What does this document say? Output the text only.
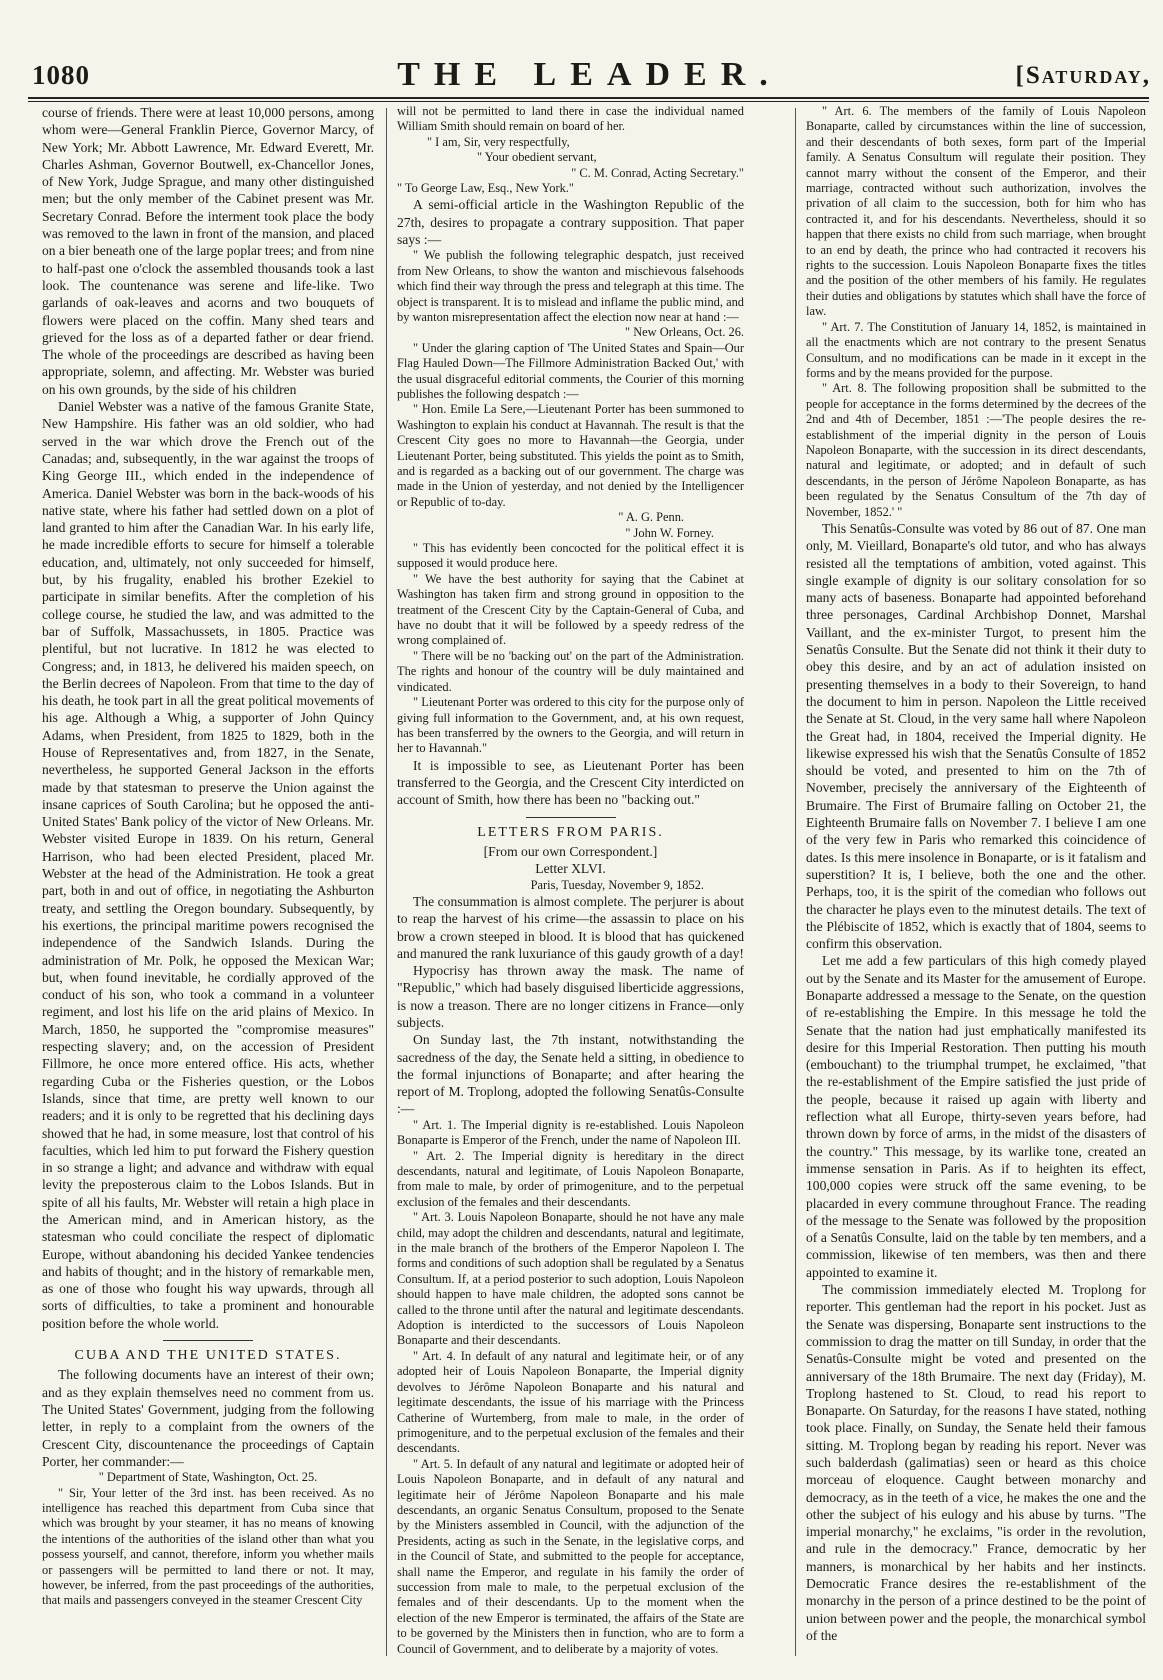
1080	THE LEADER.	[Saturday,

course of friends. There were at least 10,000 persons, among whom were—General Franklin Pierce, Governor Marcy, of New York; Mr. Abbott Lawrence, Mr. Edward Everett, Mr. Charles Ashman, Governor Boutwell, ex-Chancellor Jones, of New York, Judge Sprague, and many other distinguished men; but the only member of the Cabinet present was Mr. Secretary Conrad. Before the interment took place the body was removed to the lawn in front of the mansion, and placed on a bier beneath one of the large poplar trees; and from nine to half-past one o'clock the assembled thousands took a last look. The countenance was serene and life-like. Two garlands of oak-leaves and acorns and two bouquets of flowers were placed on the coffin. Many shed tears and grieved for the loss as of a departed father or dear friend. The whole of the proceedings are described as having been appropriate, solemn, and affecting. Mr. Webster was buried on his own grounds, by the side of his children

Daniel Webster was a native of the famous Granite State, New Hampshire. His father was an old soldier, who had served in the war which drove the French out of the Canadas; and, subsequently, in the war against the troops of King George III., which ended in the independence of America. Daniel Webster was born in the back-woods of his native state, where his father had settled down on a plot of land granted to him after the Canadian War. In his early life, he made incredible efforts to secure for himself a tolerable education, and, ultimately, not only succeeded for himself, but, by his frugality, enabled his brother Ezekiel to participate in similar benefits. After the completion of his college course, he studied the law, and was admitted to the bar of Suffolk, Massachussets, in 1805. Practice was plentiful, but not lucrative. In 1812 he was elected to Congress; and, in 1813, he delivered his maiden speech, on the Berlin decrees of Napoleon. From that time to the day of his death, he took part in all the great political movements of his age. Although a Whig, a supporter of John Quincy Adams, when President, from 1825 to 1829, both in the House of Representatives and, from 1827, in the Senate, nevertheless, he supported General Jackson in the efforts made by that statesman to preserve the Union against the insane caprices of South Carolina; but he opposed the anti-United States' Bank policy of the victor of New Orleans. Mr. Webster visited Europe in 1839. On his return, General Harrison, who had been elected President, placed Mr. Webster at the head of the Administration. He took a great part, both in and out of office, in negotiating the Ashburton treaty, and settling the Oregon boundary. Subsequently, by his exertions, the principal maritime powers recognised the independence of the Sandwich Islands. During the administration of Mr. Polk, he opposed the Mexican War; but, when found inevitable, he cordially approved of the conduct of his son, who took a command in a volunteer regiment, and lost his life on the arid plains of Mexico. In March, 1850, he supported the "compromise measures" respecting slavery; and, on the accession of President Fillmore, he once more entered office. His acts, whether regarding Cuba or the Fisheries question, or the Lobos Islands, since that time, are pretty well known to our readers; and it is only to be regretted that his declining days showed that he had, in some measure, lost that control of his faculties, which led him to put forward the Fishery question in so strange a light; and advance and withdraw with equal levity the preposterous claim to the Lobos Islands. But in spite of all his faults, Mr. Webster will retain a high place in the American mind, and in American history, as the statesman who could conciliate the respect of diplomatic Europe, without abandoning his decided Yankee tendencies and habits of thought; and in the history of remarkable men, as one of those who fought his way upwards, through all sorts of difficulties, to take a prominent and honourable position before the whole world.

CUBA AND THE UNITED STATES.

The following documents have an interest of their own; and as they explain themselves need no comment from us. The United States' Government, judging from the following letter, in reply to a complaint from the owners of the Crescent City, discountenance the proceedings of Captain Porter, her commander:—

" Department of State, Washington, Oct. 25.

" Sir, Your letter of the 3rd inst. has been received. As no intelligence has reached this department from Cuba since that which was brought by your steamer, it has no means of knowing the intentions of the authorities of the island other than what you possess yourself, and cannot, therefore, inform you whether mails or passengers will be permitted to land there or not. It may, however, be inferred, from the past proceedings of the authorities, that mails and passengers conveyed in the steamer Crescent City

will not be permitted to land there in case the individual named William Smith should remain on board of her.

" I am, Sir, very respectfully,

" Your obedient servant,

" C. M. Conrad, Acting Secretary."

" To George Law, Esq., New York."

A semi-official article in the Washington Republic of the 27th, desires to propagate a contrary supposition. That paper says :—

" We publish the following telegraphic despatch, just received from New Orleans, to show the wanton and mischievous falsehoods which find their way through the press and telegraph at this time. The object is transparent. It is to mislead and inflame the public mind, and by wanton misrepresentation affect the election now near at hand :—

" New Orleans, Oct. 26.

" Under the glaring caption of 'The United States and Spain—Our Flag Hauled Down—The Fillmore Administration Backed Out,' with the usual disgraceful editorial comments, the Courier of this morning publishes the following despatch :—

" Hon. Emile La Sere,—Lieutenant Porter has been summoned to Washington to explain his conduct at Havannah. The result is that the Crescent City goes no more to Havannah—the Georgia, under Lieutenant Porter, being substituted. This yields the point as to Smith, and is regarded as a backing out of our government. The charge was made in the Union of yesterday, and not denied by the Intelligencer or Republic of to-day.

" A. G. Penn.

" John W. Forney.

" This has evidently been concocted for the political effect it is supposed it would produce here.

" We have the best authority for saying that the Cabinet at Washington has taken firm and strong ground in opposition to the treatment of the Crescent City by the Captain-General of Cuba, and have no doubt that it will be followed by a speedy redress of the wrong complained of.

" There will be no 'backing out' on the part of the Administration. The rights and honour of the country will be duly maintained and vindicated.

" Lieutenant Porter was ordered to this city for the purpose only of giving full information to the Government, and, at his own request, has been transferred by the owners to the Georgia, and will return in her to Havannah."

It is impossible to see, as Lieutenant Porter has been transferred to the Georgia, and the Crescent City interdicted on account of Smith, how there has been no "backing out."

LETTERS FROM PARIS.

[From our own Correspondent.]

Letter XLVI.

Paris, Tuesday, November 9, 1852.

The consummation is almost complete. The perjurer is about to reap the harvest of his crime—the assassin to place on his brow a crown steeped in blood. It is blood that has quickened and manured the rank luxuriance of this gaudy growth of a day!

Hypocrisy has thrown away the mask. The name of "Republic," which had basely disguised liberticide aggressions, is now a treason. There are no longer citizens in France—only subjects.

On Sunday last, the 7th instant, notwithstanding the sacredness of the day, the Senate held a sitting, in obedience to the formal injunctions of Bonaparte; and after hearing the report of M. Troplong, adopted the following Senatûs-Consulte :—

" Art. 1. The Imperial dignity is re-established. Louis Napoleon Bonaparte is Emperor of the French, under the name of Napoleon III.

" Art. 2. The Imperial dignity is hereditary in the direct descendants, natural and legitimate, of Louis Napoleon Bonaparte, from male to male, by order of primogeniture, and to the perpetual exclusion of the females and their descendants.

" Art. 3. Louis Napoleon Bonaparte, should he not have any male child, may adopt the children and descendants, natural and legitimate, in the male branch of the brothers of the Emperor Napoleon I. The forms and conditions of such adoption shall be regulated by a Senatus Consultum. If, at a period posterior to such adoption, Louis Napoleon should happen to have male children, the adopted sons cannot be called to the throne until after the natural and legitimate descendants. Adoption is interdicted to the successors of Louis Napoleon Bonaparte and their descendants.

" Art. 4. In default of any natural and legitimate heir, or of any adopted heir of Louis Napoleon Bonaparte, the Imperial dignity devolves to Jérôme Napoleon Bonaparte and his natural and legitimate descendants, the issue of his marriage with the Princess Catherine of Wurtemberg, from male to male, in the order of primogeniture, and to the perpetual exclusion of the females and their descendants.

" Art. 5. In default of any natural and legitimate or adopted heir of Louis Napoleon Bonaparte, and in default of any natural and legitimate heir of Jérôme Napoleon Bonaparte and his male descendants, an organic Senatus Consultum, proposed to the Senate by the Ministers assembled in Council, with the adjunction of the Presidents, acting as such in the Senate, in the legislative corps, and in the Council of State, and submitted to the people for acceptance, shall name the Emperor, and regulate in his family the order of succession from male to male, to the perpetual exclusion of the females and of their descendants. Up to the moment when the election of the new Emperor is terminated, the affairs of the State are to be governed by the Ministers then in function, who are to form a Council of Government, and to deliberate by a majority of votes.

" Art. 6. The members of the family of Louis Napoleon Bonaparte, called by circumstances within the line of succession, and their descendants of both sexes, form part of the Imperial family. A Senatus Consultum will regulate their position. They cannot marry without the consent of the Emperor, and their marriage, contracted without such authorization, involves the privation of all claim to the succession, both for him who has contracted it, and for his descendants. Nevertheless, should it so happen that there exists no child from such marriage, when brought to an end by death, the prince who had contracted it recovers his rights to the succession. Louis Napoleon Bonaparte fixes the titles and the position of the other members of his family. He regulates their duties and obligations by statutes which shall have the force of law.

" Art. 7. The Constitution of January 14, 1852, is maintained in all the enactments which are not contrary to the present Senatus Consultum, and no modifications can be made in it except in the forms and by the means provided for the purpose.

" Art. 8. The following proposition shall be submitted to the people for acceptance in the forms determined by the decrees of the 2nd and 4th of December, 1851 :—'The people desires the re-establishment of the imperial dignity in the person of Louis Napoleon Bonaparte, with the succession in its direct descendants, natural and legitimate, or adopted; and in default of such descendants, in the person of Jérôme Napoleon Bonaparte, as has been regulated by the Senatus Consultum of the 7th day of November, 1852.' "

This Senatûs-Consulte was voted by 86 out of 87. One man only, M. Vieillard, Bonaparte's old tutor, and who has always resisted all the temptations of ambition, voted against. This single example of dignity is our solitary consolation for so many acts of baseness. Bonaparte had appointed beforehand three personages, Cardinal Archbishop Donnet, Marshal Vaillant, and the ex-minister Turgot, to present him the Senatûs Consulte. But the Senate did not think it their duty to obey this desire, and by an act of adulation insisted on presenting themselves in a body to their Sovereign, to hand the document to him in person. Napoleon the Little received the Senate at St. Cloud, in the very same hall where Napoleon the Great had, in 1804, received the Imperial dignity. He likewise expressed his wish that the Senatûs Consulte of 1852 should be voted, and presented to him on the 7th of November, precisely the anniversary of the Eighteenth of Brumaire. The First of Brumaire falling on October 21, the Eighteenth Brumaire falls on November 7. I believe I am one of the very few in Paris who remarked this coincidence of dates. Is this mere insolence in Bonaparte, or is it fatalism and superstition? It is, I believe, both the one and the other. Perhaps, too, it is the spirit of the comedian who follows out the character he plays even to the minutest details. The text of the Plébiscite of 1852, which is exactly that of 1804, seems to confirm this observation.

Let me add a few particulars of this high comedy played out by the Senate and its Master for the amusement of Europe. Bonaparte addressed a message to the Senate, on the question of re-establishing the Empire. In this message he told the Senate that the nation had just emphatically manifested its desire for this Imperial Restoration. Then putting his mouth (embouchant) to the triumphal trumpet, he exclaimed, "that the re-establishment of the Empire satisfied the just pride of the people, because it raised up again with liberty and reflection what all Europe, thirty-seven years before, had thrown down by force of arms, in the midst of the disasters of the country." This message, by its warlike tone, created an immense sensation in Paris. As if to heighten its effect, 100,000 copies were struck off the same evening, to be placarded in every commune throughout France. The reading of the message to the Senate was followed by the proposition of a Senatûs Consulte, laid on the table by ten members, and a commission, likewise of ten members, was then and there appointed to examine it.

The commission immediately elected M. Troplong for reporter. This gentleman had the report in his pocket. Just as the Senate was dispersing, Bonaparte sent instructions to the commission to drag the matter on till Sunday, in order that the Senatûs-Consulte might be voted and presented on the anniversary of the 18th Brumaire. The next day (Friday), M. Troplong hastened to St. Cloud, to read his report to Bonaparte. On Saturday, for the reasons I have stated, nothing took place. Finally, on Sunday, the Senate held their famous sitting. M. Troplong began by reading his report. Never was such balderdash (galimatias) seen or heard as this choice morceau of eloquence. Caught between monarchy and democracy, as in the teeth of a vice, he makes the one and the other the subject of his eulogy and his abuse by turns. "The imperial monarchy," he exclaims, "is order in the revolution, and rule in the democracy." France, democratic by her manners, is monarchical by her habits and her instincts. Democratic France desires the re-establishment of the monarchy in the person of a prince destined to be the point of union between power and the people, the monarchical symbol of the
